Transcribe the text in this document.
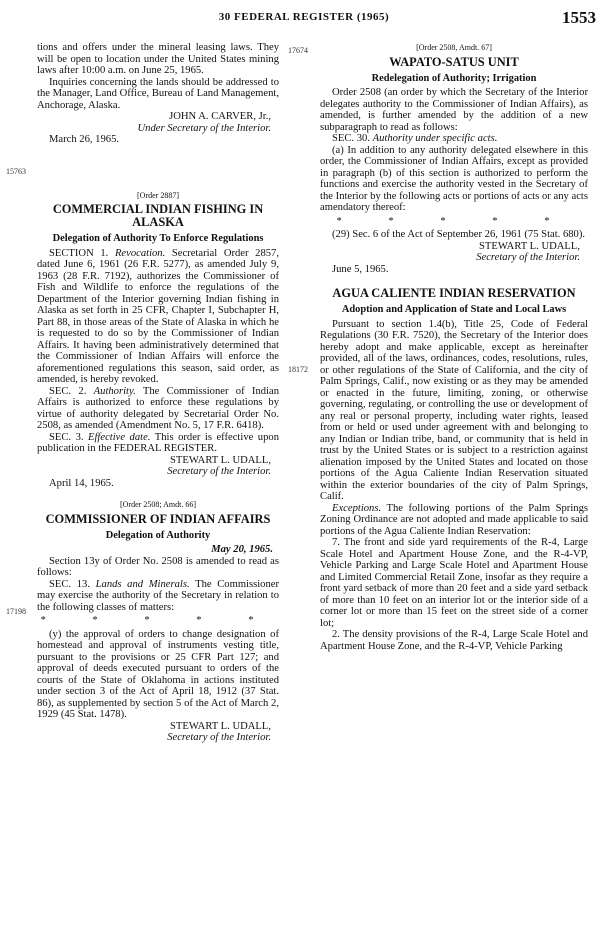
30 FEDERAL REGISTER (1965)	1553
15763
17198
17674
18172

tions and offers under the mineral leasing laws. They will be open to location under the United States mining laws after 10:00 a.m. on June 25, 1965.

Inquiries concerning the lands should be addressed to the Manager, Land Office, Bureau of Land Management, Anchorage, Alaska.

JOHN A. CARVER, Jr.,
Under Secretary of the Interior.
March 26, 1965.
[Order 2887]
COMMERCIAL INDIAN FISHING IN ALASKA
Delegation of Authority To Enforce Regulations

SECTION 1. Revocation. Secretarial Order 2857, dated June 6, 1961 (26 F.R. 5277), as amended July 9, 1963 (28 F.R. 7192), authorizes the Commissioner of Fish and Wildlife to enforce the regulations of the Department of the Interior governing Indian fishing in Alaska as set forth in 25 CFR, Chapter I, Subchapter H, Part 88, in those areas of the State of Alaska in which he is requested to do so by the Commissioner of Indian Affairs. It having been administratively determined that the Commissioner of Indian Affairs will enforce the aforementioned regulations this season, said order, as amended, is hereby revoked.

SEC. 2. Authority. The Commissioner of Indian Affairs is authorized to enforce these regulations by virtue of authority delegated by Secretarial Order No. 2508, as amended (Amendment No. 5, 17 F.R. 6418).

SEC. 3. Effective date. This order is effective upon publication in the FEDERAL REGISTER.

STEWART L. UDALL,
Secretary of the Interior.
April 14, 1965.
[Order 2508; Amdt. 66]
COMMISSIONER OF INDIAN AFFAIRS
Delegation of Authority
May 20, 1965.

Section 13y of Order No. 2508 is amended to read as follows:

SEC. 13. Lands and Minerals. The Commissioner may exercise the authority of the Secretary in relation to the following classes of matters:

* * * * *

(y) the approval of orders to change designation of homestead and approval of instruments vesting title, pursuant to the provisions or 25 CFR Part 127; and approval of deeds executed pursuant to orders of the courts of the State of Oklahoma in actions instituted under section 3 of the Act of April 18, 1912 (37 Stat. 86), as supplemented by section 5 of the Act of March 2, 1929 (45 Stat. 1478).

STEWART L. UDALL,
Secretary of the Interior.
[Order 2508, Amdt. 67]
WAPATO-SATUS UNIT
Redelegation of Authority; Irrigation

Order 2508 (an order by which the Secretary of the Interior delegates authority to the Commissioner of Indian Affairs), as amended, is further amended by the addition of a new subparagraph to read as follows:

SEC. 30. Authority under specific acts.

(a) In addition to any authority delegated elsewhere in this order, the Commissioner of Indian Affairs, except as provided in paragraph (b) of this section is authorized to perform the functions and exercise the authority vested in the Secretary of the Interior by the following acts or portions of acts or any acts amendatory thereof:

* * * * *

(29) Sec. 6 of the Act of September 26, 1961 (75 Stat. 680).

STEWART L. UDALL,
Secretary of the Interior.
June 5, 1965.
AGUA CALIENTE INDIAN RESERVATION
Adoption and Application of State and Local Laws

Pursuant to section 1.4(b), Title 25, Code of Federal Regulations (30 F.R. 7520), the Secretary of the Interior does hereby adopt and make applicable, except as hereinafter provided, all of the laws, ordinances, codes, resolutions, rules, or other regulations of the State of California, and the city of Palm Springs, Calif., now existing or as they may be amended or enacted in the future, limiting, zoning, or otherwise governing, regulating, or controlling the use or development of any real or personal property, including water rights, leased from or held or used under agreement with and belonging to any Indian or Indian tribe, band, or community that is held in trust by the United States or is subject to a restriction against alienation imposed by the United States and located on those portions of the Agua Caliente Indian Reservation situated within the exterior boundaries of the city of Palm Springs, Calif.

Exceptions. The following portions of the Palm Springs Zoning Ordinance are not adopted and made applicable to said portions of the Agua Caliente Indian Reservation:

7. The front and side yard requirements of the R-4, Large Scale Hotel and Apartment House Zone, and the R-4-VP, Vehicle Parking and Large Scale Hotel and Apartment House and Limited Commercial Retail Zone, insofar as they require a front yard setback of more than 20 feet and a side yard setback of more than 10 feet on an interior lot or the interior side of a corner lot or more than 15 feet on the street side of a corner lot;

2. The density provisions of the R-4, Large Scale Hotel and Apartment House Zone, and the R-4-VP, Vehicle Parking
